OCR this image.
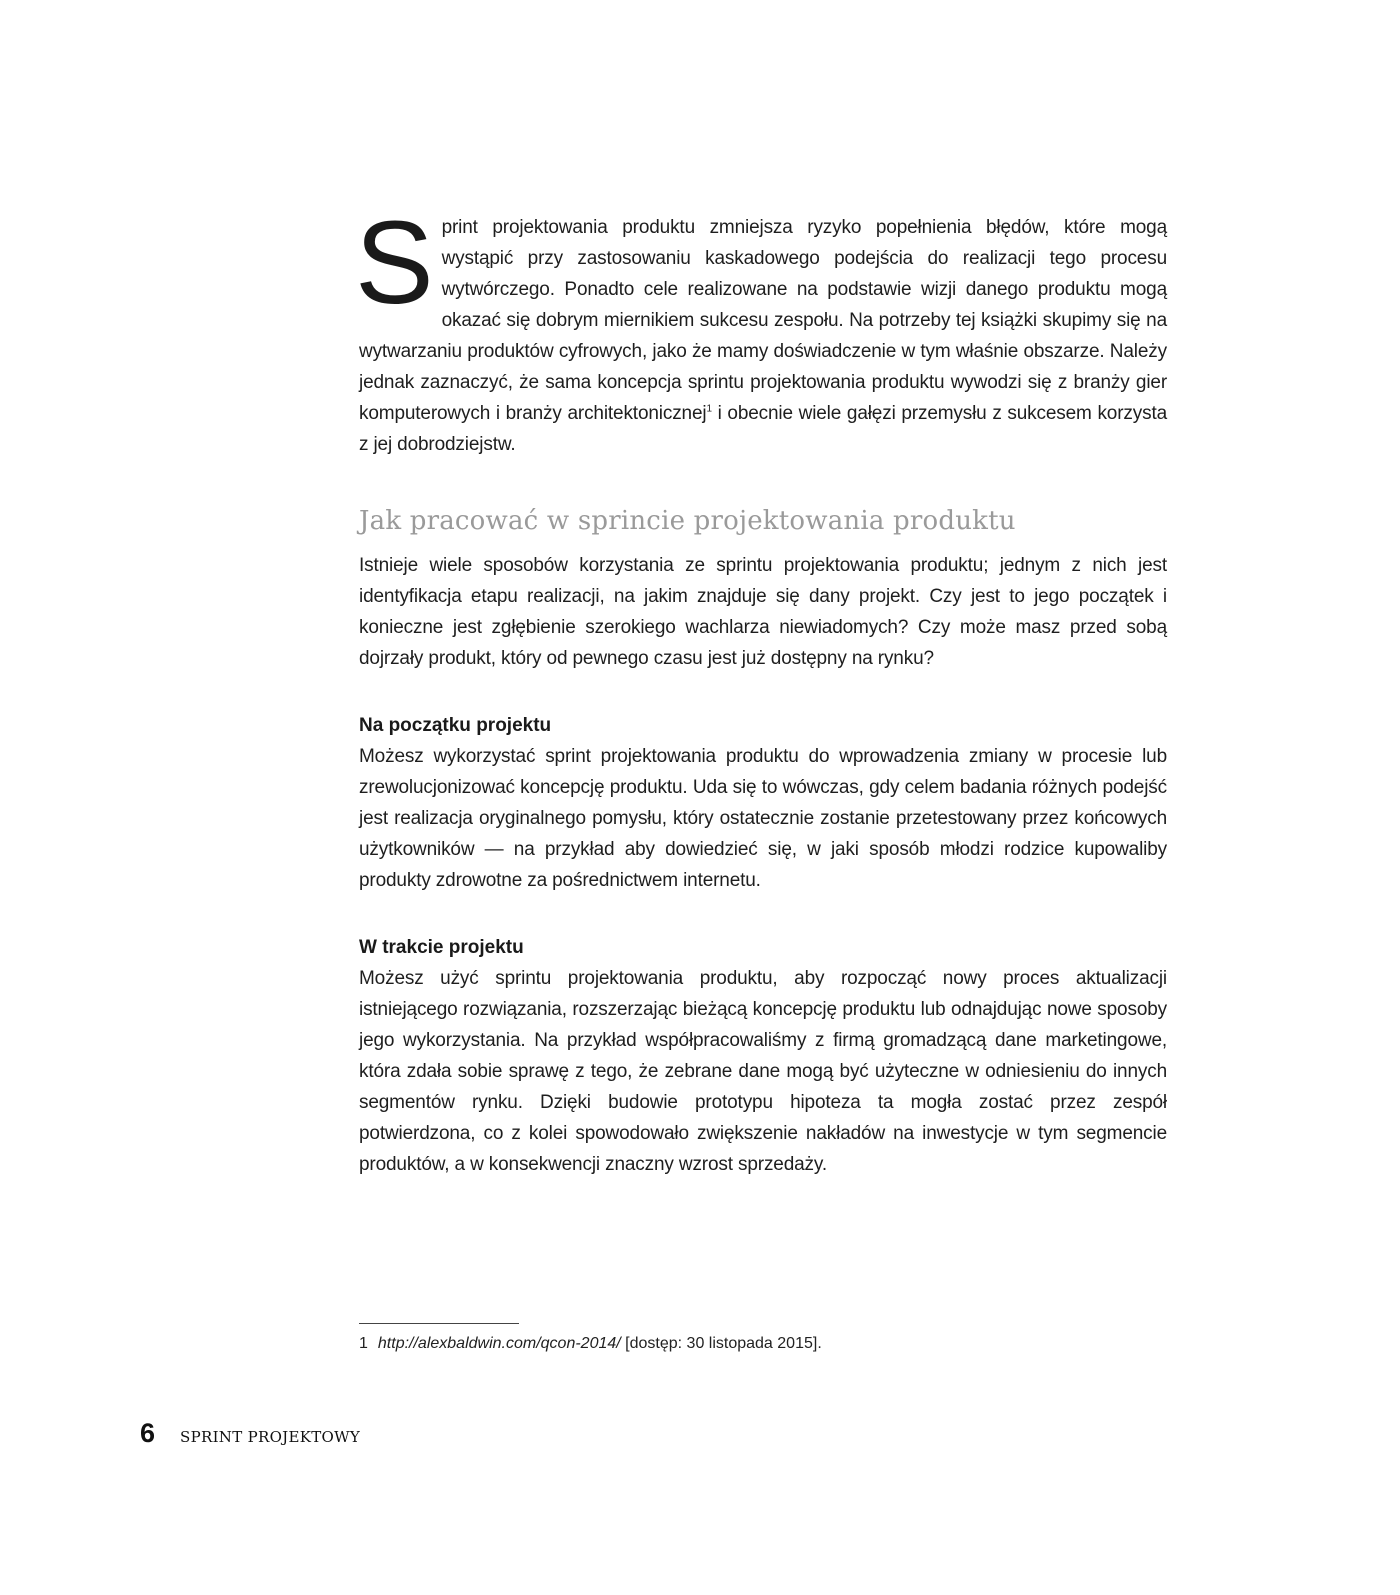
Sprint projektowania produktu zmniejsza ryzyko popełnienia błędów, które mogą wystąpić przy zastosowaniu kaskadowego podejścia do realizacji tego procesu wytwórczego. Ponadto cele realizowane na podstawie wizji danego produktu mogą okazać się dobrym miernikiem sukcesu zespołu. Na potrzeby tej książki skupimy się na wytwarzaniu produktów cyfrowych, jako że mamy doświadczenie w tym właśnie obszarze. Należy jednak zaznaczyć, że sama koncepcja sprintu projektowania produktu wywodzi się z branży gier komputerowych i branży architektonicznej$^1$ i obecnie wiele gałęzi przemysłu z sukcesem korzysta z jej dobrodziejstw.

Jak pracować w sprincie projektowania produktu

Istnieje wiele sposobów korzystania ze sprintu projektowania produktu; jednym z nich jest identyfikacja etapu realizacji, na jakim znajduje się dany projekt. Czy jest to jego początek i konieczne jest zgłębienie szerokiego wachlarza niewiadomych? Czy może masz przed sobą dojrzały produkt, który od pewnego czasu jest już dostępny na rynku?

Na początku projektu

Możesz wykorzystać sprint projektowania produktu do wprowadzenia zmiany w procesie lub zrewolucjonizować koncepcję produktu. Uda się to wówczas, gdy celem badania różnych podejść jest realizacja oryginalnego pomysłu, który ostatecznie zostanie przetestowany przez końcowych użytkowników — na przykład aby dowiedzieć się, w jaki sposób młodzi rodzice kupowaliby produkty zdrowotne za pośrednictwem internetu.

W trakcie projektu

Możesz użyć sprintu projektowania produktu, aby rozpocząć nowy proces aktualizacji istniejącego rozwiązania, rozszerzając bieżącą koncepcję produktu lub odnajdując nowe sposoby jego wykorzystania. Na przykład współpracowaliśmy z firmą gromadzącą dane marketingowe, która zdała sobie sprawę z tego, że zebrane dane mogą być użyteczne w odniesieniu do innych segmentów rynku. Dzięki budowie prototypu hipoteza ta mogła zostać przez zespół potwierdzona, co z kolei spowodowało zwiększenie nakładów na inwestycje w tym segmencie produktów, a w konsekwencji znaczny wzrost sprzedaży.

1 http://alexbaldwin.com/qcon-2014/ [dostęp: 30 listopada 2015].
6 SPRINT PROJEKTOWY
